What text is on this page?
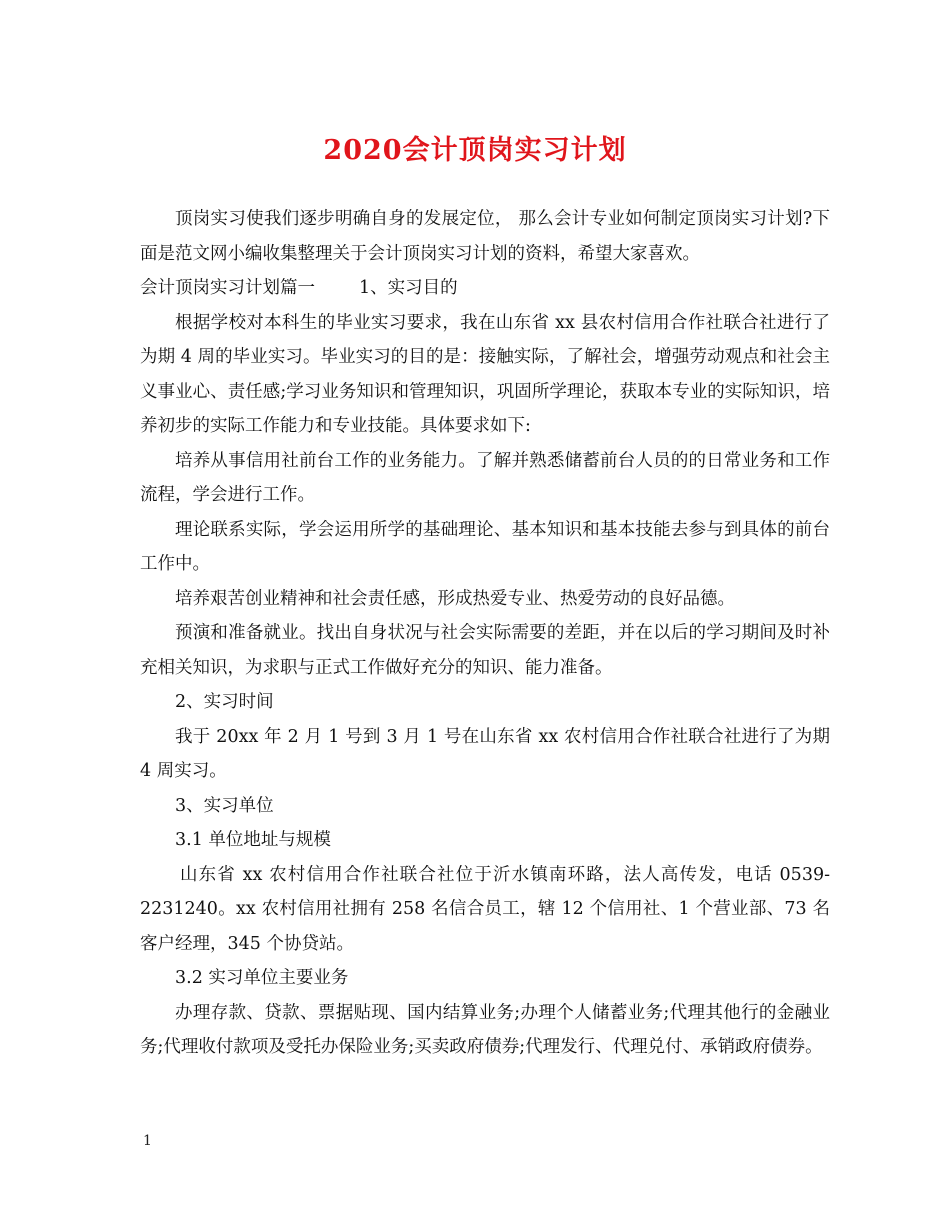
2020会计顶岗实习计划

顶岗实习使我们逐步明确自身的发展定位， 那么会计专业如何制定顶岗实习计划?下面是范文网小编收集整理关于会计顶岗实习计划的资料，希望大家喜欢。

会计顶岗实习计划篇一	1、实习目的

根据学校对本科生的毕业实习要求，我在山东省 xx 县农村信用合作社联合社进行了为期 4 周的毕业实习。毕业实习的目的是：接触实际，了解社会，增强劳动观点和社会主义事业心、责任感;学习业务知识和管理知识，巩固所学理论，获取本专业的实际知识，培养初步的实际工作能力和专业技能。具体要求如下:

培养从事信用社前台工作的业务能力。了解并熟悉储蓄前台人员的的日常业务和工作流程，学会进行工作。

理论联系实际，学会运用所学的基础理论、基本知识和基本技能去参与到具体的前台工作中。

培养艰苦创业精神和社会责任感，形成热爱专业、热爱劳动的良好品德。

预演和准备就业。找出自身状况与社会实际需要的差距，并在以后的学习期间及时补充相关知识，为求职与正式工作做好充分的知识、能力准备。

2、实习时间

我于 20xx 年 2 月 1 号到 3 月 1 号在山东省 xx 农村信用合作社联合社进行了为期 4 周实习。

3、实习单位

3.1 单位地址与规模

山东省 xx 农村信用合作社联合社位于沂水镇南环路，法人高传发，电话 0539-2231240。xx 农村信用社拥有 258 名信合员工，辖 12 个信用社、1 个营业部、73 名客户经理，345 个协贷站。

3.2 实习单位主要业务

办理存款、贷款、票据贴现、国内结算业务;办理个人储蓄业务;代理其他行的金融业务;代理收付款项及受托办保险业务;买卖政府债券;代理发行、代理兑付、承销政府债券。

1
